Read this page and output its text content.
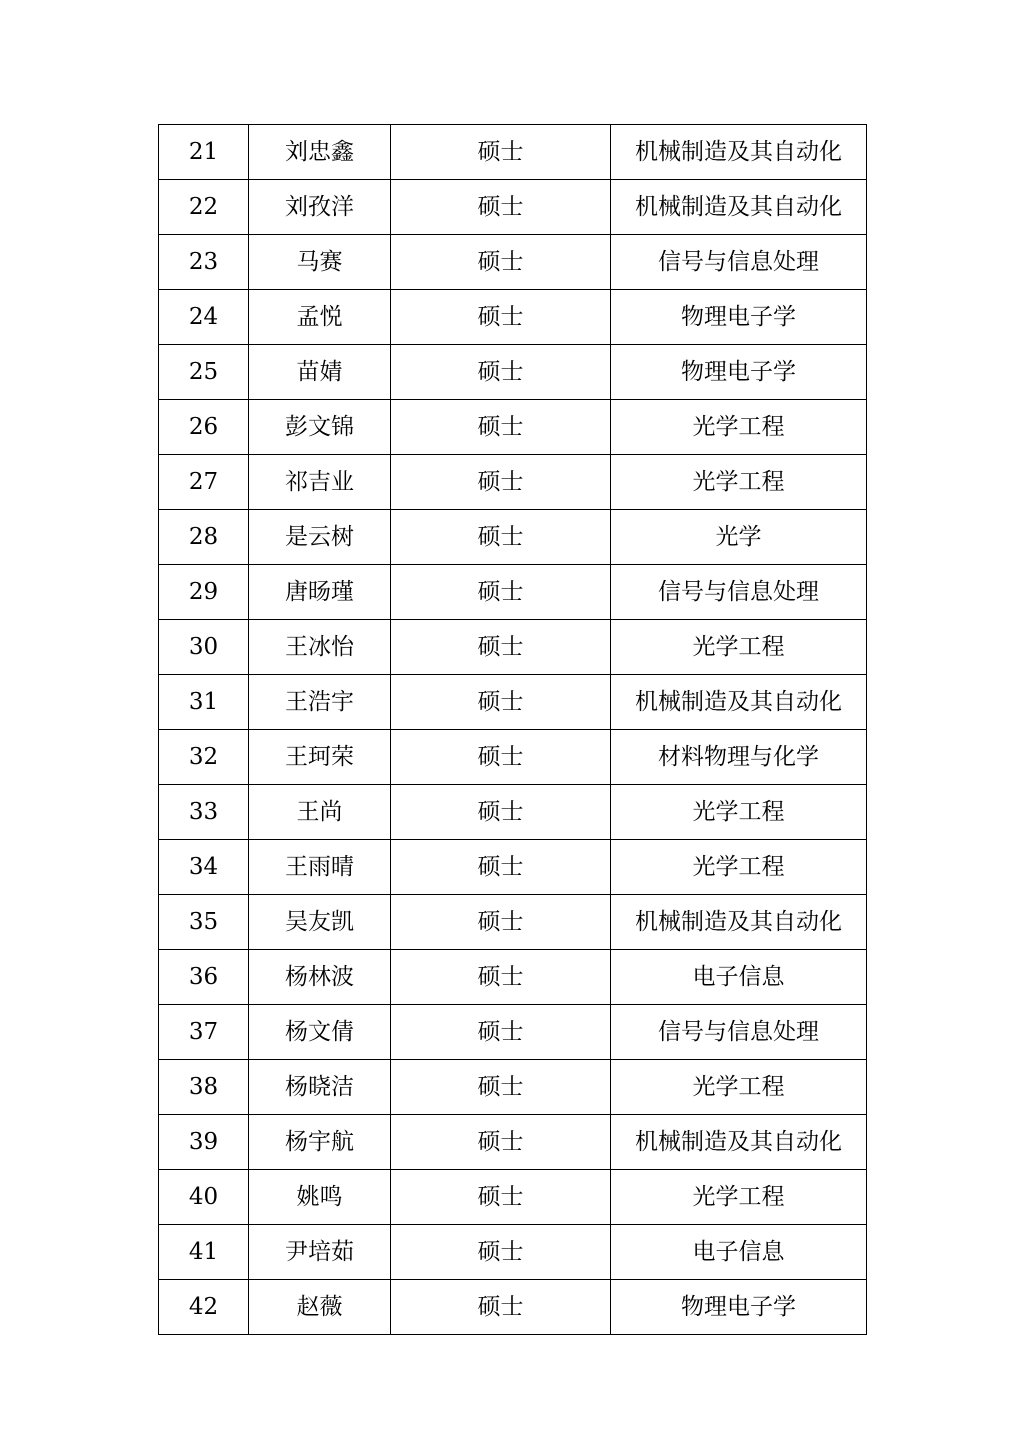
21	刘忠鑫	硕士	机械制造及其自动化
22	刘孜洋	硕士	机械制造及其自动化
23	马赛	硕士	信号与信息处理
24	孟悦	硕士	物理电子学
25	苗婧	硕士	物理电子学
26	彭文锦	硕士	光学工程
27	祁吉业	硕士	光学工程
28	是云树	硕士	光学
29	唐旸瑾	硕士	信号与信息处理
30	王冰怡	硕士	光学工程
31	王浩宇	硕士	机械制造及其自动化
32	王珂荣	硕士	材料物理与化学
33	王尚	硕士	光学工程
34	王雨晴	硕士	光学工程
35	吴友凯	硕士	机械制造及其自动化
36	杨林波	硕士	电子信息
37	杨文倩	硕士	信号与信息处理
38	杨晓洁	硕士	光学工程
39	杨宇航	硕士	机械制造及其自动化
40	姚鸣	硕士	光学工程
41	尹培茹	硕士	电子信息
42	赵薇	硕士	物理电子学
